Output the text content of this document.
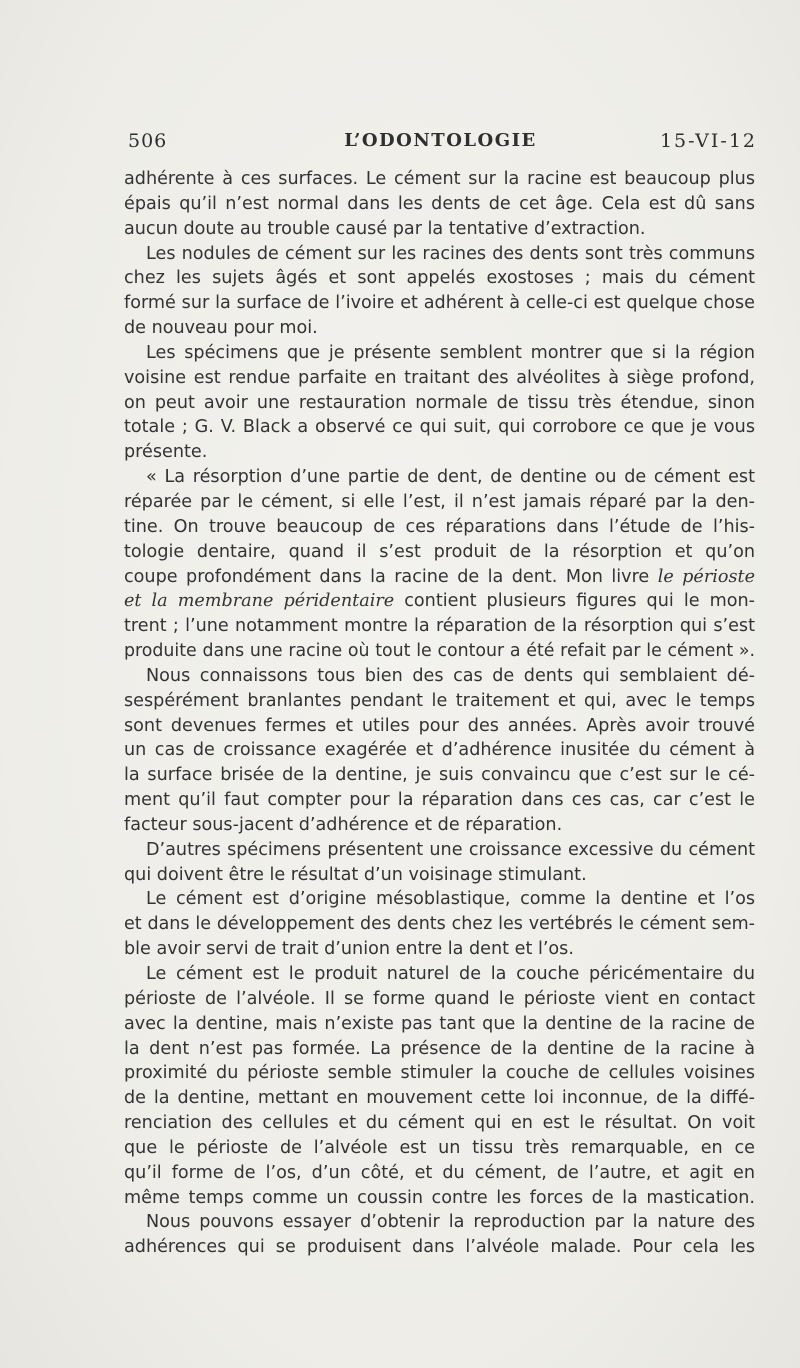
506	L’ODONTOLOGIE	15-VI-12
adhérente à ces surfaces. Le cément sur la racine est beaucoup plus
épais qu’il n’est normal dans les dents de cet âge. Cela est dû sans
aucun doute au trouble causé par la tentative d’extraction.
Les nodules de cément sur les racines des dents sont très communs
chez les sujets âgés et sont appelés exostoses ; mais du cément
formé sur la surface de l’ivoire et adhérent à celle-ci est quelque chose
de nouveau pour moi.
Les spécimens que je présente semblent montrer que si la région
voisine est rendue parfaite en traitant des alvéolites à siège profond,
on peut avoir une restauration normale de tissu très étendue, sinon
totale ; G. V. Black a observé ce qui suit, qui corrobore ce que je vous
présente.
« La résorption d’une partie de dent, de dentine ou de cément est
réparée par le cément, si elle l’est, il n’est jamais réparé par la den-
tine. On trouve beaucoup de ces réparations dans l’étude de l’his-
tologie dentaire, quand il s’est produit de la résorption et qu’on
coupe profondément dans la racine de la dent. Mon livre le périoste
et la membrane péridentaire contient plusieurs figures qui le mon-
trent ; l’une notamment montre la réparation de la résorption qui s’est
produite dans une racine où tout le contour a été refait par le cément ».
Nous connaissons tous bien des cas de dents qui semblaient dé-
sespérément branlantes pendant le traitement et qui, avec le temps
sont devenues fermes et utiles pour des années. Après avoir trouvé
un cas de croissance exagérée et d’adhérence inusitée du cément à
la surface brisée de la dentine, je suis convaincu que c’est sur le cé-
ment qu’il faut compter pour la réparation dans ces cas, car c’est le
facteur sous-jacent d’adhérence et de réparation.
D’autres spécimens présentent une croissance excessive du cément
qui doivent être le résultat d’un voisinage stimulant.
Le cément est d’origine mésoblastique, comme la dentine et l’os
et dans le développement des dents chez les vertébrés le cément sem-
ble avoir servi de trait d’union entre la dent et l’os.
Le cément est le produit naturel de la couche péricémentaire du
périoste de l’alvéole. Il se forme quand le périoste vient en contact
avec la dentine, mais n’existe pas tant que la dentine de la racine de
la dent n’est pas formée. La présence de la dentine de la racine à
proximité du périoste semble stimuler la couche de cellules voisines
de la dentine, mettant en mouvement cette loi inconnue, de la diffé-
renciation des cellules et du cément qui en est le résultat. On voit
que le périoste de l’alvéole est un tissu très remarquable, en ce
qu’il forme de l’os, d’un côté, et du cément, de l’autre, et agit en
même temps comme un coussin contre les forces de la mastication.
Nous pouvons essayer d’obtenir la reproduction par la nature des
adhérences qui se produisent dans l’alvéole malade. Pour cela les
